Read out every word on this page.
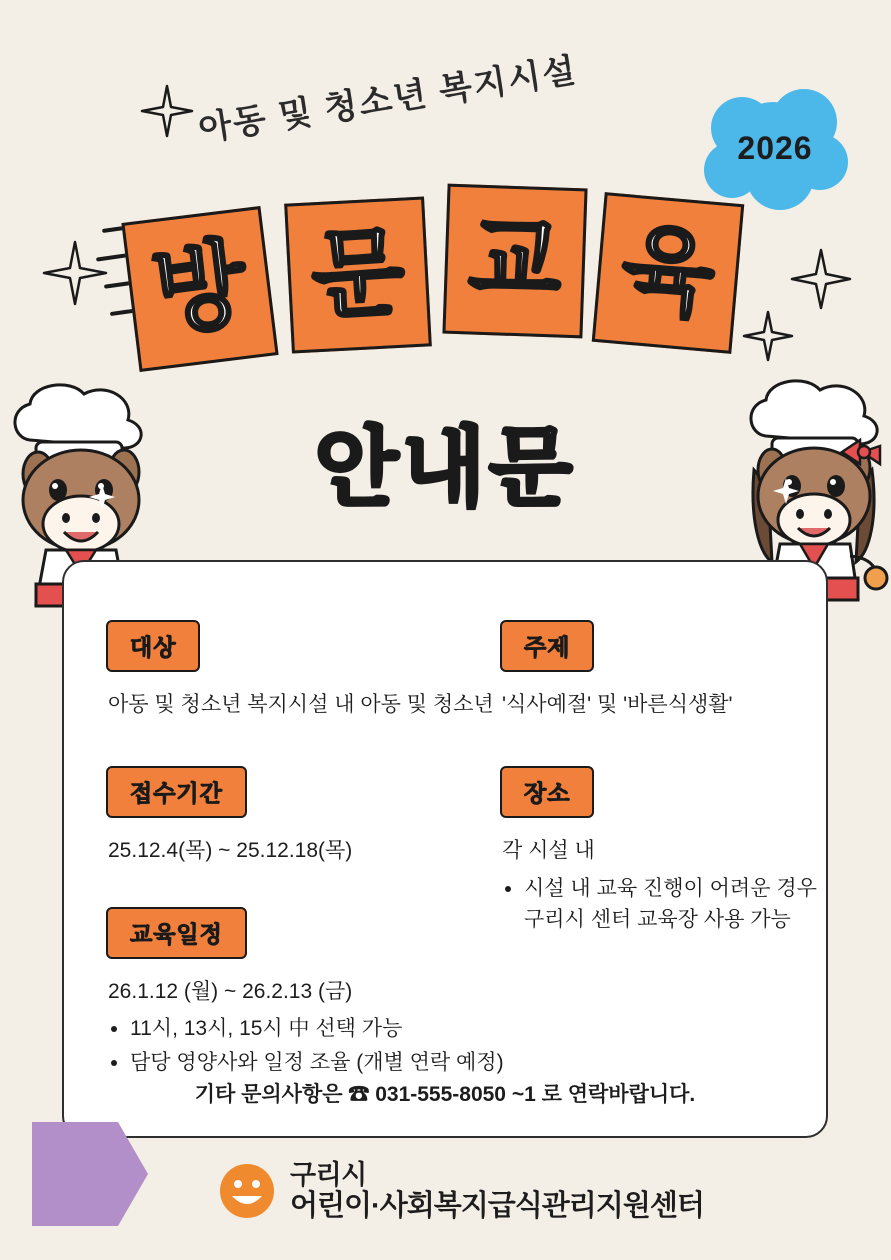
아동 및 청소년 복지시설	2026
방 문 교 육
안내문
대상

아동 및 청소년 복지시설 내 아동 및 청소년

접수기간

25.12.4(목) ~ 25.12.18(목)

교육일정

26.1.12 (월) ~ 26.2.13 (금)

• 11시, 13시, 15시 中 선택 가능
• 담당 영양사와 일정 조율 (개별 연락 예정)
주제

'식사예절' 및 '바른식생활'

장소

각 시설 내

• 시설 내 교육 진행이 어려운 경우 구리시 센터 교육장 사용 가능
기타 문의사항은 ☎ 031-555-8050 ~1 로 연락바랍니다.
구리시
어린이·사회복지급식관리지원센터
